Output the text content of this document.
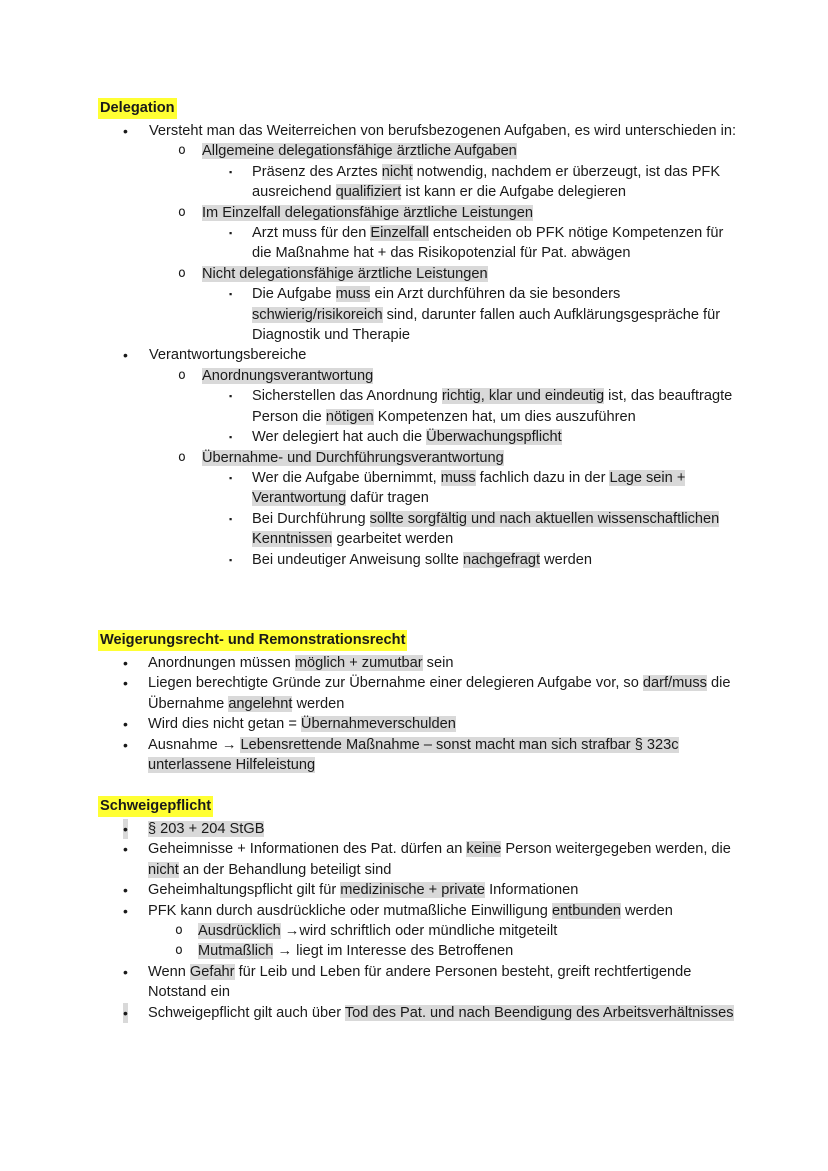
Delegation
• Versteht man das Weiterreichen von berufsbezogenen Aufgaben, es wird unterschieden in:
o Allgemeine delegationsfähige ärztliche Aufgaben
▪ Präsenz des Arztes nicht notwendig, nachdem er überzeugt, ist das PFK ausreichend qualifiziert ist kann er die Aufgabe delegieren
o Im Einzelfall delegationsfähige ärztliche Leistungen
▪ Arzt muss für den Einzelfall entscheiden ob PFK nötige Kompetenzen für die Maßnahme hat + das Risikopotenzial für Pat. abwägen
o Nicht delegationsfähige ärztliche Leistungen
▪ Die Aufgabe muss ein Arzt durchführen da sie besonders schwierig/risikoreich sind, darunter fallen auch Aufklärungsgespräche für Diagnostik und Therapie
• Verantwortungsbereiche
o Anordnungsverantwortung
▪ Sicherstellen das Anordnung richtig, klar und eindeutig ist, das beauftragte Person die nötigen Kompetenzen hat, um dies auszuführen
▪ Wer delegiert hat auch die Überwachungspflicht
o Übernahme- und Durchführungsverantwortung
▪ Wer die Aufgabe übernimmt, muss fachlich dazu in der Lage sein + Verantwortung dafür tragen
▪ Bei Durchführung sollte sorgfältig und nach aktuellen wissenschaftlichen Kenntnissen gearbeitet werden
▪ Bei undeutiger Anweisung sollte nachgefragt werden
Weigerungsrecht- und Remonstrationsrecht
• Anordnungen müssen möglich + zumutbar sein
• Liegen berechtigte Gründe zur Übernahme einer delegieren Aufgabe vor, so darf/muss die Übernahme angelehnt werden
• Wird dies nicht getan = Übernahmeverschulden
• Ausnahme → Lebensrettende Maßnahme – sonst macht man sich strafbar § 323c unterlassene Hilfeleistung
Schweigepflicht
• § 203 + 204 StGB
• Geheimnisse + Informationen des Pat. dürfen an keine Person weitergegeben werden, die nicht an der Behandlung beteiligt sind
• Geheimhaltungspflicht gilt für medizinische + private Informationen
• PFK kann durch ausdrückliche oder mutmaßliche Einwilligung entbunden werden
o Ausdrücklich →wird schriftlich oder mündliche mitgeteilt
o Mutmaßlich → liegt im Interesse des Betroffenen
• Wenn Gefahr für Leib und Leben für andere Personen besteht, greift rechtfertigende Notstand ein
• Schweigepflicht gilt auch über Tod des Pat. und nach Beendigung des Arbeitsverhältnisses
